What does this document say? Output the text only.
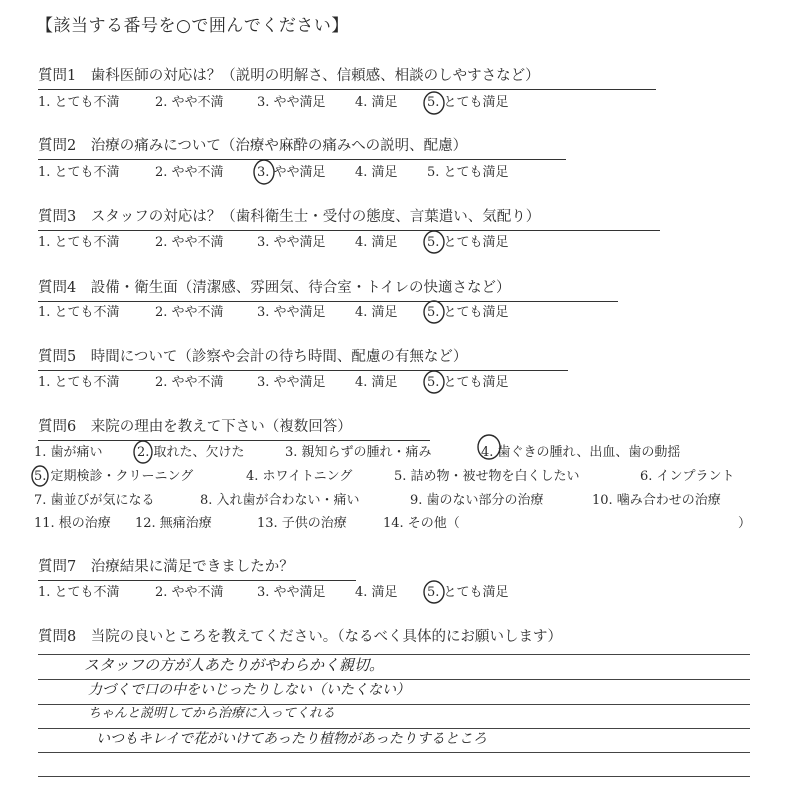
【該当する番号を○で囲んでください】
質問1　歯科医師の対応は？（説明の明解さ、信頼感、相談のしやすさなど）
1. とても不満	2. やや不満	3. やや満足 4. 満足 5. とても満足
質問2　治療の痛みについて（治療や麻酔の痛みへの説明、配慮）
1. とても不満	2. やや不満	3. やや満足 4. 満足 5. とても満足
質問3　スタッフの対応は？（歯科衛生士・受付の態度、言葉遣い、気配り）
1. とても不満	2. やや不満	3. やや満足 4. 満足 5. とても満足
質問4　設備・衛生面（清潔感、雰囲気、待合室・トイレの快適さなど）
1. とても不満	2. やや不満	3. やや満足 4. 満足 5. とても満足
質問5　時間について（診察や会計の待ち時間、配慮の有無など）
1. とても不満	2. やや不満	3. やや満足 4. 満足 5. とても満足
質問6　来院の理由を教えて下さい（複数回答）
1. 歯が痛い	2. 取れた、欠けた	3. 親知らずの腫れ・痛み	4. 歯ぐきの腫れ、出血、歯の動揺
5. 定期検診・クリーニング	4. ホワイトニング	5. 詰め物・被せ物を白くしたい	6. インプラント
7. 歯並びが気になる	8. 入れ歯が合わない・痛い	9. 歯のない部分の治療	10. 噛み合わせの治療
11. 根の治療 12. 無痛治療	13. 子供の治療	14. その他（	）
質問7　治療結果に満足できましたか？
1. とても不満	2. やや不満	3. やや満足 4. 満足 5. とても満足
質問8　当院の良いところを教えてください。（なるべく具体的にお願いします）
スタッフの方が人あたりがやわらかく親切。
力づくで口の中をいじったりしない（いたくない）
ちゃんと説明してから治療に入ってくれる
いつもキレイで花がいけてあったり植物があったりするところ
